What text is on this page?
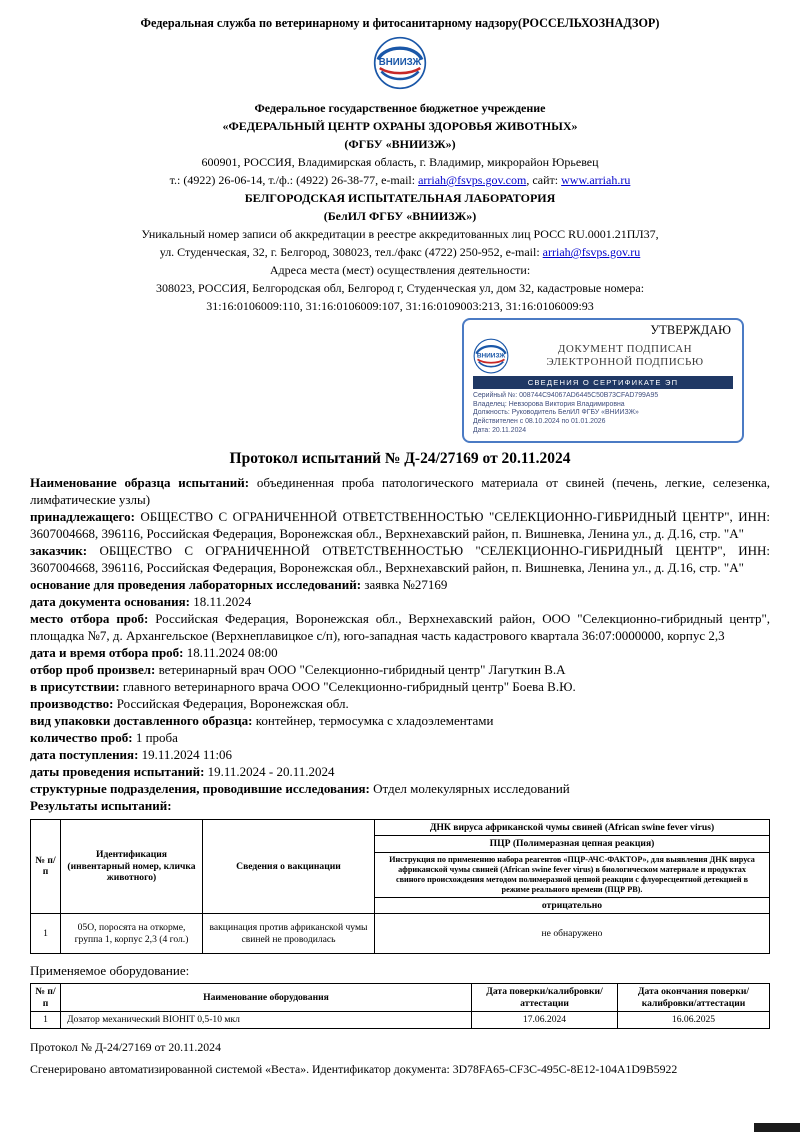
Федеральная служба по ветеринарному и фитосанитарному надзору(РОССЕЛЬХОЗНАДЗОР)
ВНИИЗЖ
Федеральное государственное бюджетное учреждение
«ФЕДЕРАЛЬНЫЙ ЦЕНТР ОХРАНЫ ЗДОРОВЬЯ ЖИВОТНЫХ»
(ФГБУ «ВНИИЗЖ»)
600901, РОССИЯ, Владимирская область, г. Владимир, микрорайон Юрьевец
т.: (4922) 26-06-14, т./ф.: (4922) 26-38-77, e-mail: arriah@fsvps.gov.com, сайт: www.arriah.ru
БЕЛГОРОДСКАЯ ИСПЫТАТЕЛЬНАЯ ЛАБОРАТОРИЯ
(БелИЛ ФГБУ «ВНИИЗЖ»)
Уникальный номер записи об аккредитации в реестре аккредитованных лиц РОСС RU.0001.21ПЛ37,
ул. Студенческая, 32, г. Белгород, 308023, тел./факс (4722) 250-952, e-mail: arriah@fsvps.gov.ru
Адреса места (мест) осуществления деятельности:
308023, РОССИЯ, Белгородская обл, Белгород г, Студенческая ул, дом 32, кадастровые номера:
31:16:0106009:110, 31:16:0106009:107, 31:16:0109003:213, 31:16:0106009:93
УТВЕРЖДАЮ
ВНИИЗЖ
ДОКУМЕНТ ПОДПИСАН ЭЛЕКТРОННОЙ ПОДПИСЬЮ
СВЕДЕНИЯ О СЕРТИФИКАТЕ ЭП
Серийный №: 008744C94067AD6445C50B73CFAD799A95
Владелец: Невзорова Виктория Владимировна
Должность: Руководитель БелИЛ ФГБУ «ВНИИЗЖ»
Действителен с 08.10.2024 по 01.01.2026
Дата: 20.11.2024
Протокол испытаний № Д-24/27169 от 20.11.2024

Наименование образца испытаний: объединенная проба патологического материала от свиней (печень, легкие, селезенка, лимфатические узлы)

принадлежащего: ОБЩЕСТВО С ОГРАНИЧЕННОЙ ОТВЕТСТВЕННОСТЬЮ "СЕЛЕКЦИОННО-ГИБРИДНЫЙ ЦЕНТР", ИНН: 3607004668, 396116, Российская Федерация, Воронежская обл., Верхнехавский район, п. Вишневка, Ленина ул., д. Д.16, стр. "А"

заказчик: ОБЩЕСТВО С ОГРАНИЧЕННОЙ ОТВЕТСТВЕННОСТЬЮ "СЕЛЕКЦИОННО-ГИБРИДНЫЙ ЦЕНТР", ИНН: 3607004668, 396116, Российская Федерация, Воронежская обл., Верхнехавский район, п. Вишневка, Ленина ул., д. Д.16, стр. "А"

основание для проведения лабораторных исследований: заявка №27169

дата документа основания: 18.11.2024

место отбора проб: Российская Федерация, Воронежская обл., Верхнехавский район, ООО "Селекционно-гибридный центр", площадка №7, д. Архангельское (Верхнеплавицкое с/п), юго-западная часть кадастрового квартала 36:07:0000000, корпус 2,3

дата и время отбора проб: 18.11.2024 08:00

отбор проб произвел: ветеринарный врач ООО "Селекционно-гибридный центр" Лагуткин В.А

в присутствии: главного ветеринарного врача ООО "Селекционно-гибридный центр" Боева В.Ю.

производство: Российская Федерация, Воронежская обл.

вид упаковки доставленного образца: контейнер, термосумка с хладоэлементами

количество проб: 1 проба

дата поступления: 19.11.2024 11:06

даты проведения испытаний: 19.11.2024 - 20.11.2024

структурные подразделения, проводившие исследования: Отдел молекулярных исследований

Результаты испытаний:

№ п/п	Идентификация (инвентарный номер, кличка животного)	Сведения о вакцинации	ДНК вируса африканской чумы свиней (African swine fever virus)
			ПЦР (Полимеразная цепная реакция)
			Инструкция по применению набора реагентов «ПЦР-АЧС-ФАКТОР», для выявления ДНК вируса африканской чумы свиней (African swine fever virus) в биологическом материале и продуктах свиного происхождения методом полимеразной цепной реакции с флуоресцентной детекцией в режиме реального времени (ПЦР РВ).
			отрицательно
1	05О, поросята на откорме, группа 1, корпус 2,3 (4 гол.)	вакцинация против африканской чумы свиней не проводилась	не обнаружено
Применяемое оборудование:
№ п/п	Наименование оборудования	Дата поверки/калибровки/аттестации	Дата окончания поверки/калибровки/аттестации
1	Дозатор механический BIOHIT 0,5-10 мкл	17.06.2024	16.06.2025
Протокол № Д-24/27169 от 20.11.2024
Сгенерировано автоматизированной системой «Веста». Идентификатор документа: 3D78FA65-CF3C-495C-8E12-104A1D9B5922
